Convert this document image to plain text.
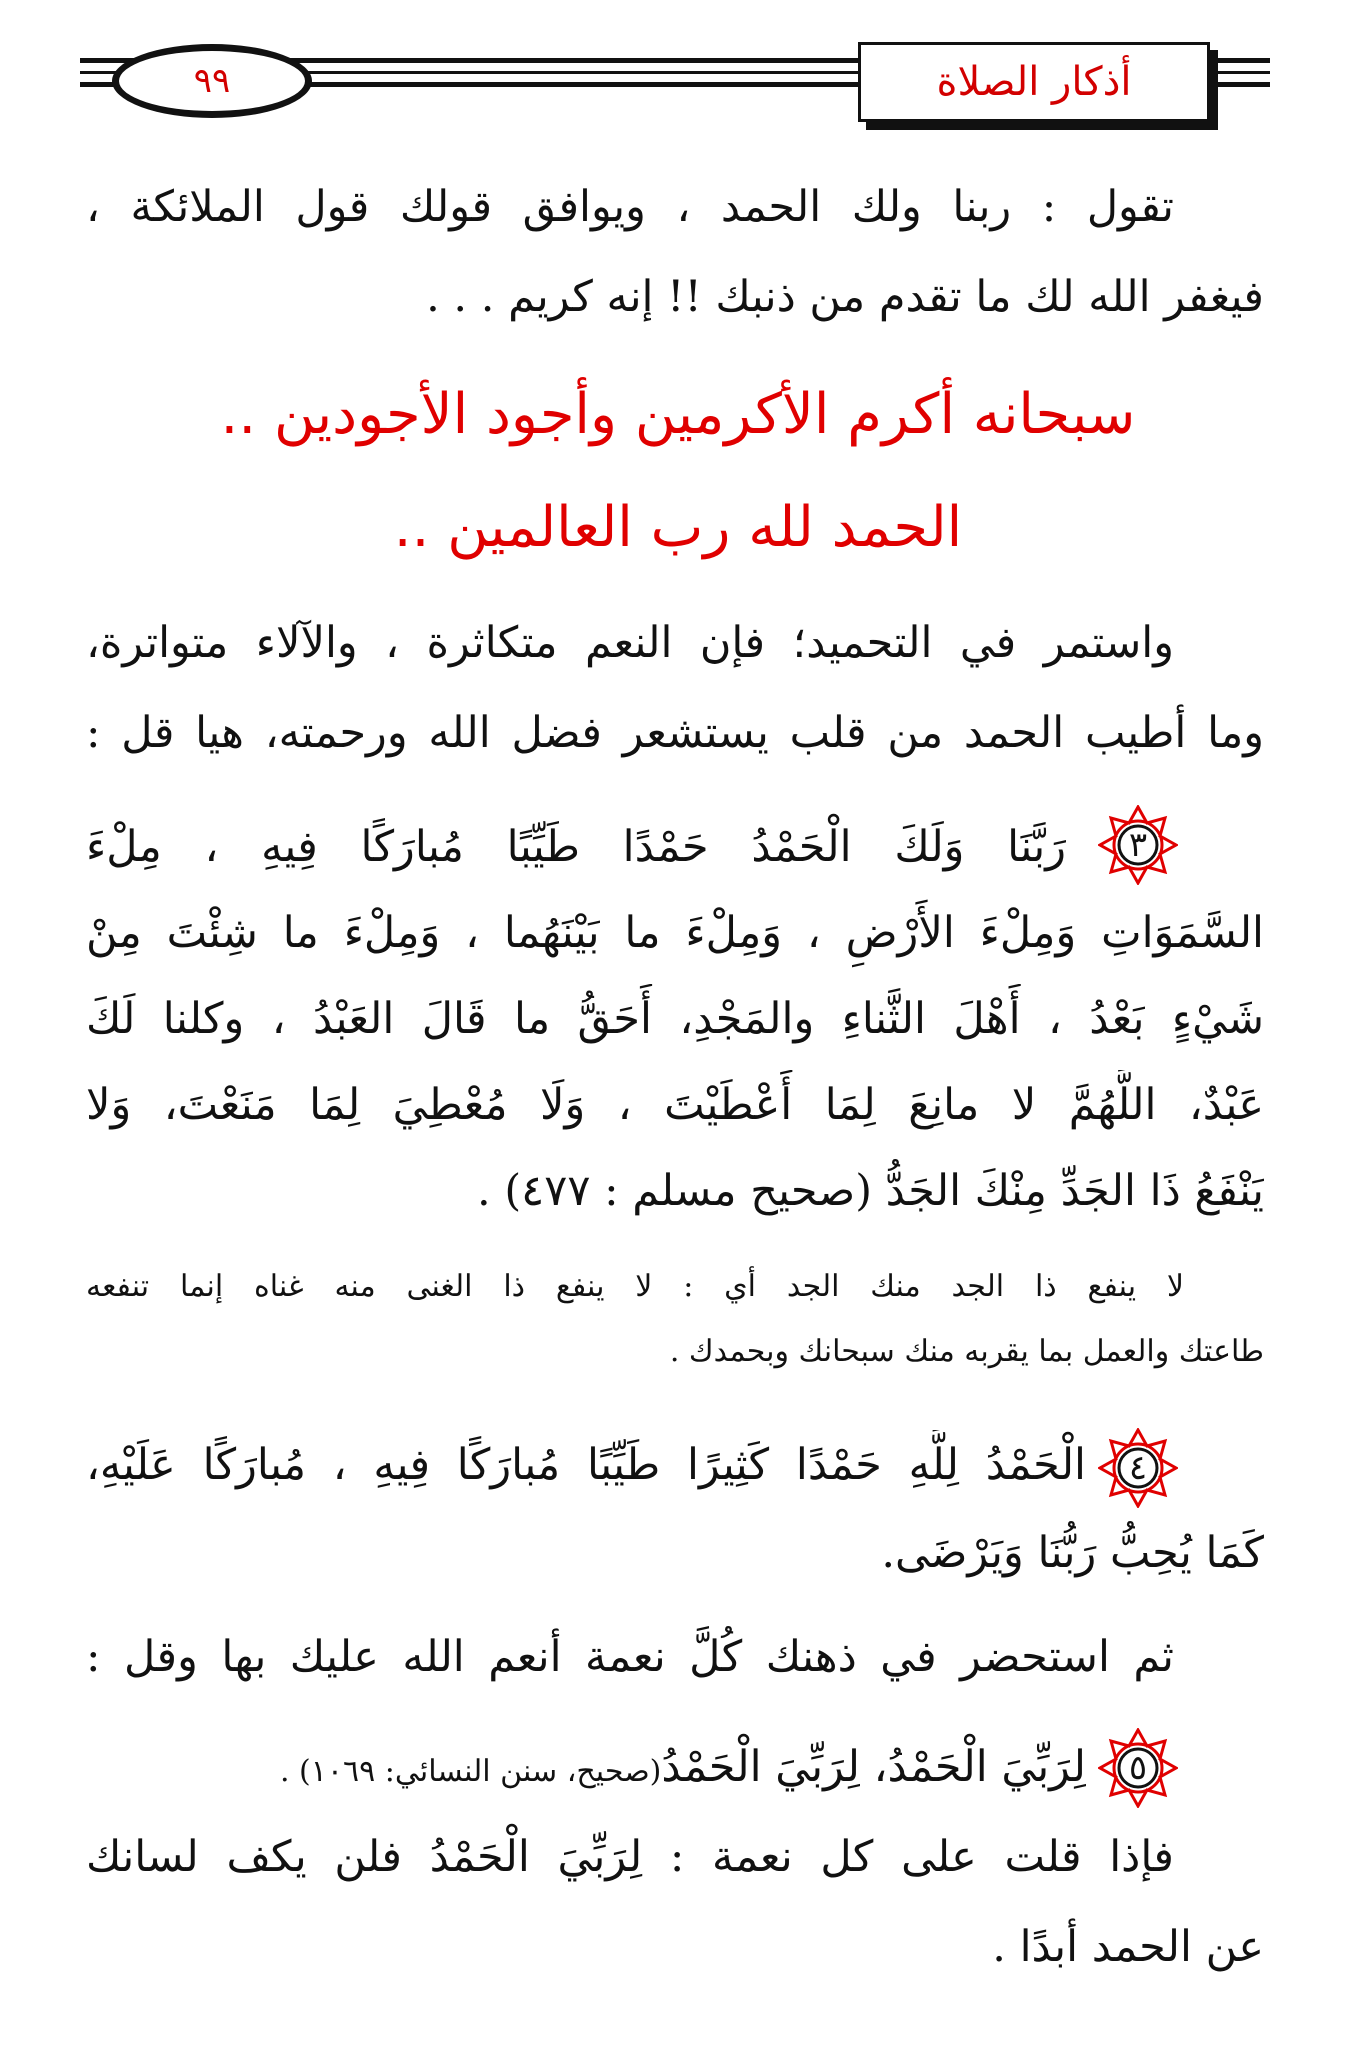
٩٩	أذكار الصلاة
تقول : ربنا ولك الحمد ، ويوافق قولك قول الملائكة ،
فيغفر الله لك ما تقدم من ذنبك !! إنه كريم . . .
سبحانه أكرم الأكرمين وأجود الأجودين ..
الحمد لله رب العالمين ..
واستمر في التحميد؛ فإن النعم متكاثرة ، والآلاء متواترة،
وما أطيب الحمد من قلب يستشعر فضل الله ورحمته، هيا قل :
٣
رَبَّنَا وَلَكَ الْحَمْدُ حَمْدًا طَيِّبًا مُبارَكًا فِيهِ ، مِلْءَ
السَّمَوَاتِ وَمِلْءَ الأَرْضِ ، وَمِلْءَ ما بَيْنَهُما ، وَمِلْءَ ما شِئْتَ مِنْ
شَيْءٍ بَعْدُ ، أَهْلَ الثَّناءِ والمَجْدِ، أَحَقُّ ما قَالَ العَبْدُ ، وكلنا لَكَ
عَبْدٌ، اللَّهُمَّ لا مانِعَ لِمَا أَعْطَيْتَ ، وَلَا مُعْطِيَ لِمَا مَنَعْتَ، وَلا
يَنْفَعُ ذَا الجَدِّ مِنْكَ الجَدُّ (صحيح مسلم : ٤٧٧) .
لا ينفع ذا الجد منك الجد أي : لا ينفع ذا الغنى منه غناه إنما تنفعه
طاعتك والعمل بما يقربه منك سبحانك وبحمدك .
٤
الْحَمْدُ لِلَّهِ حَمْدًا كَثِيرًا طَيِّبًا مُبارَكًا فِيهِ ، مُبارَكًا عَلَيْهِ،
كَمَا يُحِبُّ رَبُّنَا وَيَرْضَى.
ثم استحضر في ذهنك كُلَّ نعمة أنعم الله عليك بها وقل :
٥
لِرَبِّيَ الْحَمْدُ، لِرَبِّيَ الْحَمْدُ(صحيح، سنن النسائي: ١٠٦٩) .
فإذا قلت على كل نعمة : لِرَبِّيَ الْحَمْدُ فلن يكف لسانك
عن الحمد أبدًا .
